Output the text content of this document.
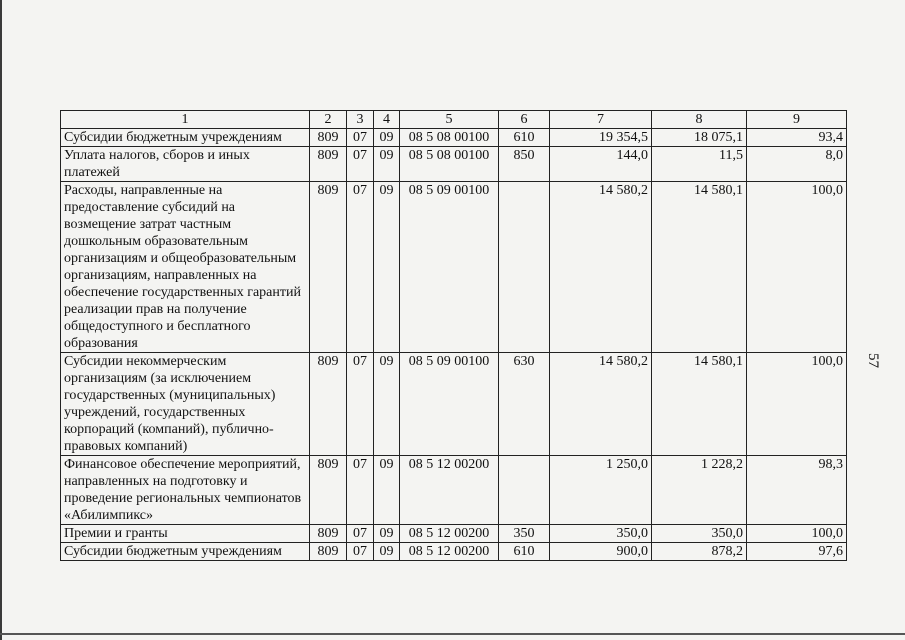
57
1	2	3	4	5	6	7	8	9
Субсидии бюджетным учреждениям	809	07	09	08 5 08 00100	610	19 354,5	18 075,1	93,4
Уплата налогов, сборов и иных платежей	809	07	09	08 5 08 00100	850	144,0	11,5	8,0
Расходы, направленные на предоставление субсидий на возмещение затрат частным дошкольным образовательным организациям и общеобразовательным организациям, направленных на обеспечение государственных гарантий реализации прав на получение общедоступного и бесплатного образования	809	07	09	08 5 09 00100		14 580,2	14 580,1	100,0
Субсидии некоммерческим организациям (за исключением государственных (муниципальных) учреждений, государственных корпораций (компаний), публично-правовых компаний)	809	07	09	08 5 09 00100	630	14 580,2	14 580,1	100,0
Финансовое обеспечение мероприятий, направленных на подготовку и проведение региональных чемпионатов «Абилимпикс»	809	07	09	08 5 12 00200		1 250,0	1 228,2	98,3
Премии и гранты	809	07	09	08 5 12 00200	350	350,0	350,0	100,0
Субсидии бюджетным учреждениям	809	07	09	08 5 12 00200	610	900,0	878,2	97,6
